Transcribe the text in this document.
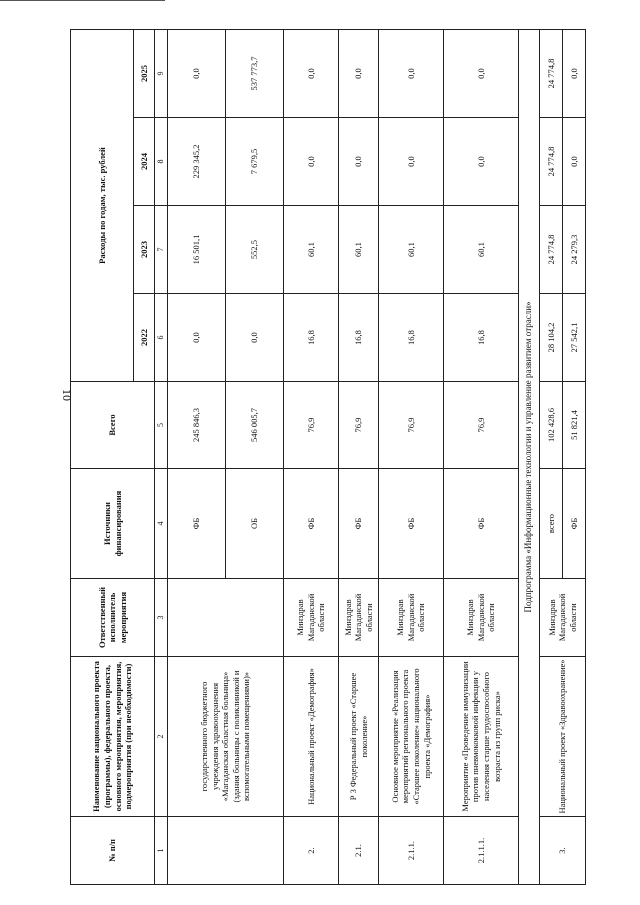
10
№ п/п	Наименование национального проекта (программы), федерального проекта, основного мероприятия, мероприятия, подмероприятия (при необходимости)	Ответственный исполнитель мероприятия	Источники финансирования	Всего	Расходы по годам, тыс. рублей			
					2022	2023	2024	2025
1	2	3	4	5	6	7	8	9
	государственного бюджетного учреждения здравоохранения «Магаданская областная больница» (здания больницы с поликлиникой и вспомогательными помещениями)»		ФБ	245 846,3	0,0	16 501,1	229 345,2	0,0
			ОБ	546 005,7	0,0	552,5	7 679,5	537 773,7
2.	Национальный проект «Демография»	Минздрав Магаданской области	ФБ	76,9	16,8	60,1	0,0	0,0
2.1.	Р 3 Федеральный проект «Старшее поколение»	Минздрав Магаданской области	ФБ	76,9	16,8	60,1	0,0	0,0
2.1.1.	Основное мероприятие «Реализация мероприятий регионального проекта «Старшее поколение» национального проекта «Демография»	Минздрав Магаданской области	ФБ	76,9	16,8	60,1	0,0	0,0
2.1.1.1.	Мероприятие «Проведение иммунизации против пневмококковой инфекции у населения старше трудоспособного возраста из групп риска»	Минздрав Магаданской области	ФБ	76,9	16,8	60,1	0,0	0,0
Подпрограмма «Информационные технологии и управление развитием отрасли»								
3.	Национальный проект «Здравоохранение»	Минздрав Магаданской области	всего	102 428,6	28 104,2	24 774,8	24 774,8	24 774,8
			ФБ	51 821,4	27 542,1	24 279,3	0,0	0,0
